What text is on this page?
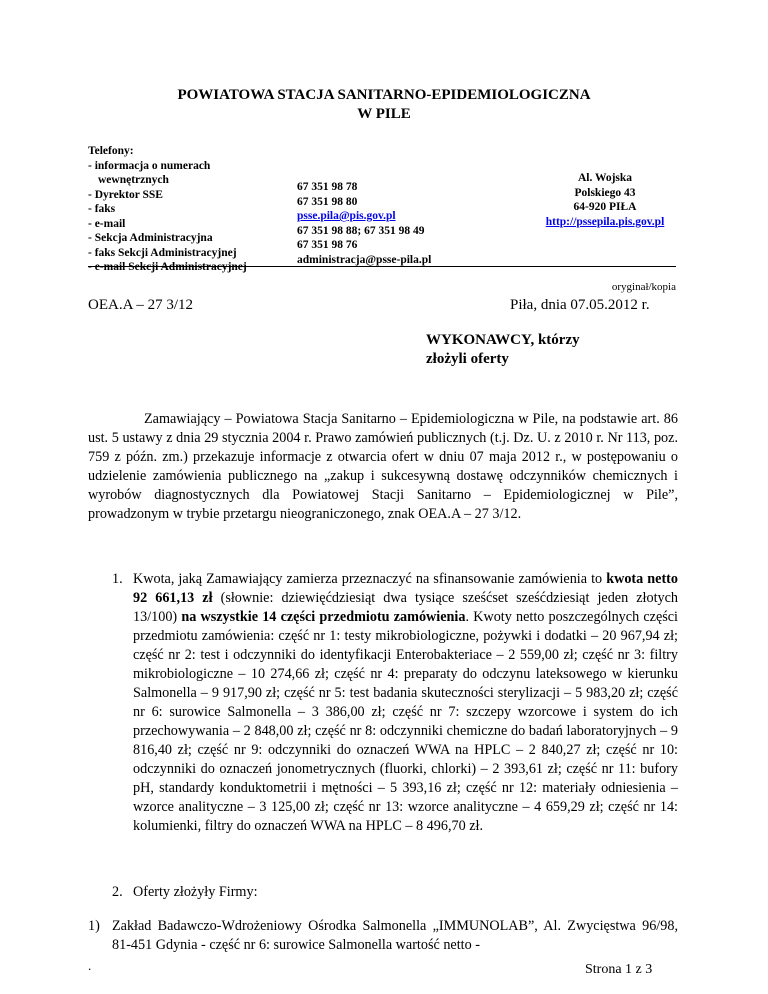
POWIATOWA STACJA SANITARNO-EPIDEMIOLOGICZNA
W PILE
Telefony:
- informacja o numerach
wewnętrznych
- Dyrektor SSE
- faks
- e-mail
- Sekcja Administracyjna
- faks Sekcji Administracyjnej
- e-mail Sekcji Administracyjnej
67 351 98 78
67 351 98 80
psse.pila@pis.gov.pl
67 351 98 88; 67 351 98 49
67 351 98 76
administracja@psse-pila.pl
Al. Wojska
Polskiego 43
64-920 PIŁA
http://pssepila.pis.gov.pl
oryginał/kopia
OEA.A – 27 3/12	Piła, dnia 07.05.2012 r.
WYKONAWCY, którzy
złożyli oferty
Zamawiający – Powiatowa Stacja Sanitarno – Epidemiologiczna w Pile, na podstawie art. 86 ust. 5 ustawy z dnia 29 stycznia 2004 r. Prawo zamówień publicznych (t.j. Dz. U. z 2010 r. Nr 113, poz. 759 z późn. zm.) przekazuje informacje z otwarcia ofert w dniu 07 maja 2012 r., w postępowaniu o udzielenie zamówienia publicznego na „zakup i sukcesywną dostawę odczynników chemicznych i wyrobów diagnostycznych dla Powiatowej Stacji Sanitarno – Epidemiologicznej w Pile”, prowadzonym w trybie przetargu nieograniczonego, znak OEA.A – 27 3/12.
1. Kwota, jaką Zamawiający zamierza przeznaczyć na sfinansowanie zamówienia to kwota netto 92 661,13 zł (słownie: dziewięćdziesiąt dwa tysiące sześćset sześćdziesiąt jeden złotych 13/100) na wszystkie 14 części przedmiotu zamówienia. Kwoty netto poszczególnych części przedmiotu zamówienia: część nr 1: testy mikrobiologiczne, pożywki i dodatki – 20 967,94 zł; część nr 2: test i odczynniki do identyfikacji Enterobakteriace – 2 559,00 zł; część nr 3: filtry mikrobiologiczne – 10 274,66 zł; część nr 4: preparaty do odczynu lateksowego w kierunku Salmonella – 9 917,90 zł; część nr 5: test badania skuteczności sterylizacji – 5 983,20 zł; część nr 6: surowice Salmonella – 3 386,00 zł; część nr 7: szczepy wzorcowe i system do ich przechowywania – 2 848,00 zł; część nr 8: odczynniki chemiczne do badań laboratoryjnych – 9 816,40 zł; część nr 9: odczynniki do oznaczeń WWA na HPLC – 2 840,27 zł; część nr 10: odczynniki do oznaczeń jonometrycznych (fluorki, chlorki) – 2 393,61 zł; część nr 11: bufory pH, standardy konduktometrii i mętności – 5 393,16 zł; część nr 12: materiały odniesienia – wzorce analityczne – 3 125,00 zł; część nr 13: wzorce analityczne – 4 659,29 zł; część nr 14: kolumienki, filtry do oznaczeń WWA na HPLC – 8 496,70 zł.
2. Oferty złożyły Firmy:
1) Zakład Badawczo-Wdrożeniowy Ośrodka Salmonella „IMMUNOLAB”, Al. Zwycięstwa 96/98, 81-451 Gdynia - część nr 6: surowice Salmonella wartość netto -
.	Strona 1 z 3
